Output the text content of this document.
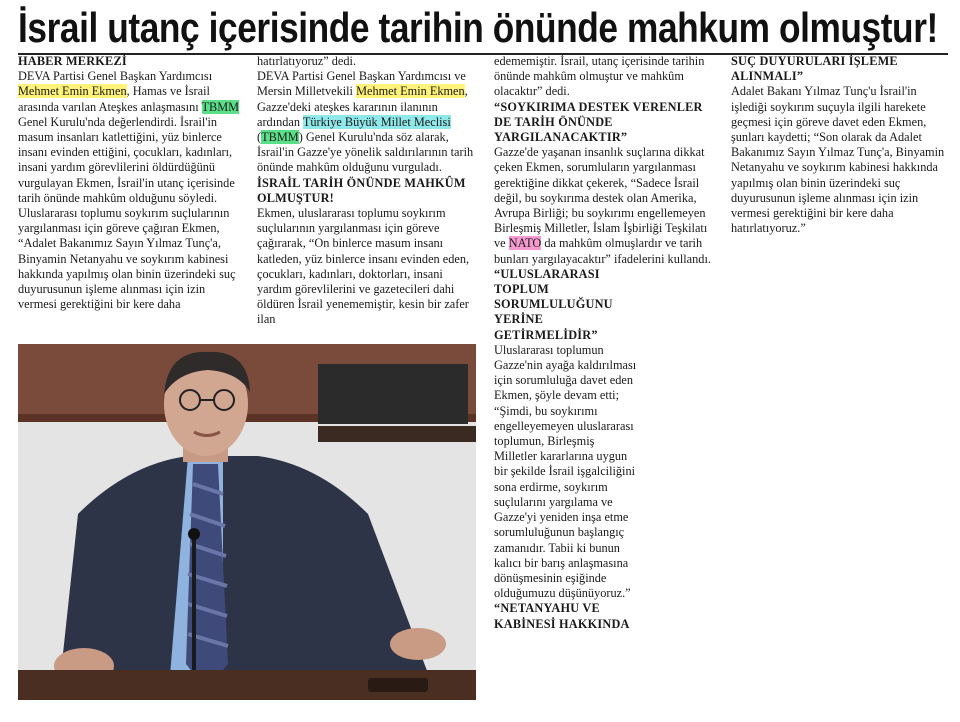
İsrail utanç içerisinde tarihin önünde mahkum olmuştur!
HABER MERKEZİ

DEVA Partisi Genel Başkan Yardımcısı Mehmet Emin Ekmen, Hamas ve İsrail arasında varılan Ateşkes anlaşmasını TBMM Genel Kurulu'nda değerlendirdi. İsrail'in masum insanları katlettiğini, yüz binlerce insanı evinden ettiğini, çocukları, kadınları, insani yardım görevlilerini öldürdüğünü vurgulayan Ekmen, İsrail'in utanç içerisinde tarih önünde mahkûm olduğunu söyledi. Uluslararası toplumu soykırım suçlularının yargılanması için göreve çağıran Ekmen, “Adalet Bakanımız Sayın Yılmaz Tunç'a, Binyamin Netanyahu ve soykırım kabinesi hakkında yapılmış olan binin üzerindeki suç duyurusunun işleme alınması için izin vermesi gerektiğini bir kere daha

hatırlatıyoruz” dedi.

DEVA Partisi Genel Başkan Yardımcısı ve Mersin Milletvekili Mehmet Emin Ekmen, Gazze'deki ateşkes kararının ilanının ardından Türkiye Büyük Millet Meclisi (TBMM) Genel Kurulu'nda söz alarak, İsrail'in Gazze'ye yönelik saldırılarının tarih önünde mahkûm olduğunu vurguladı.

İSRAİL TARİH ÖNÜNDE MAHKÛM OLMUŞTUR!

Ekmen, uluslararası toplumu soykırım suçlularının yargılanması için göreve çağırarak, “On binlerce masum insanı katleden, yüz binlerce insanı evinden eden, çocukları, kadınları, doktorları, insani yardım görevlilerini ve gazetecileri dahi öldüren İsrail yenememiştir, kesin bir zafer ilan

edememiştir. İsrail, utanç içerisinde tarihin önünde mahkûm olmuştur ve mahkûm olacaktır” dedi.

“SOYKIRIMA DESTEK VERENLER DE TARİH ÖNÜNDE YARGILANACAKTIR”

Gazze'de yaşanan insanlık suçlarına dikkat çeken Ekmen, sorumluların yargılanması gerektiğine dikkat çekerek, “Sadece İsrail değil, bu soykırıma destek olan Amerika, Avrupa Birliği; bu soykırımı engellemeyen Birleşmiş Milletler, İslam İşbirliği Teşkilatı ve NATO da mahkûm olmuşlardır ve tarih bunları yargılayacaktır” ifadelerini kullandı.

“ULUSLARARASI TOPLUM SORUMLULUĞUNU YERİNE GETİRMELİDİR”

Uluslararası toplumun Gazze'nin ayağa kaldırılması için sorumluluğa davet eden Ekmen, şöyle devam etti; “Şimdi, bu soykırımı engelleyemeyen uluslararası toplumun, Birleşmiş Milletler kararlarına uygun bir şekilde İsrail işgalciliğini sona erdirme, soykırım suçlularını yargılama ve Gazze'yi yeniden inşa etme sorumluluğunun başlangıç zamanıdır. Tabii ki bunun kalıcı bir barış anlaşmasına dönüşmesinin eşiğinde olduğumuzu düşünüyoruz.”

“NETANYAHU VE KABİNESİ HAKKINDA
SUÇ DUYURULARI İŞLEME ALINMALI”

Adalet Bakanı Yılmaz Tunç'u İsrail'in işlediği soykırım suçuyla ilgili harekete geçmesi için göreve davet eden Ekmen, şunları kaydetti; “Son olarak da Adalet Bakanımız Sayın Yılmaz Tunç'a, Binyamin Netanyahu ve soykırım kabinesi hakkında yapılmış olan binin üzerindeki suç duyurusunun işleme alınması için izin vermesi gerektiğini bir kere daha hatırlatıyoruz.”
